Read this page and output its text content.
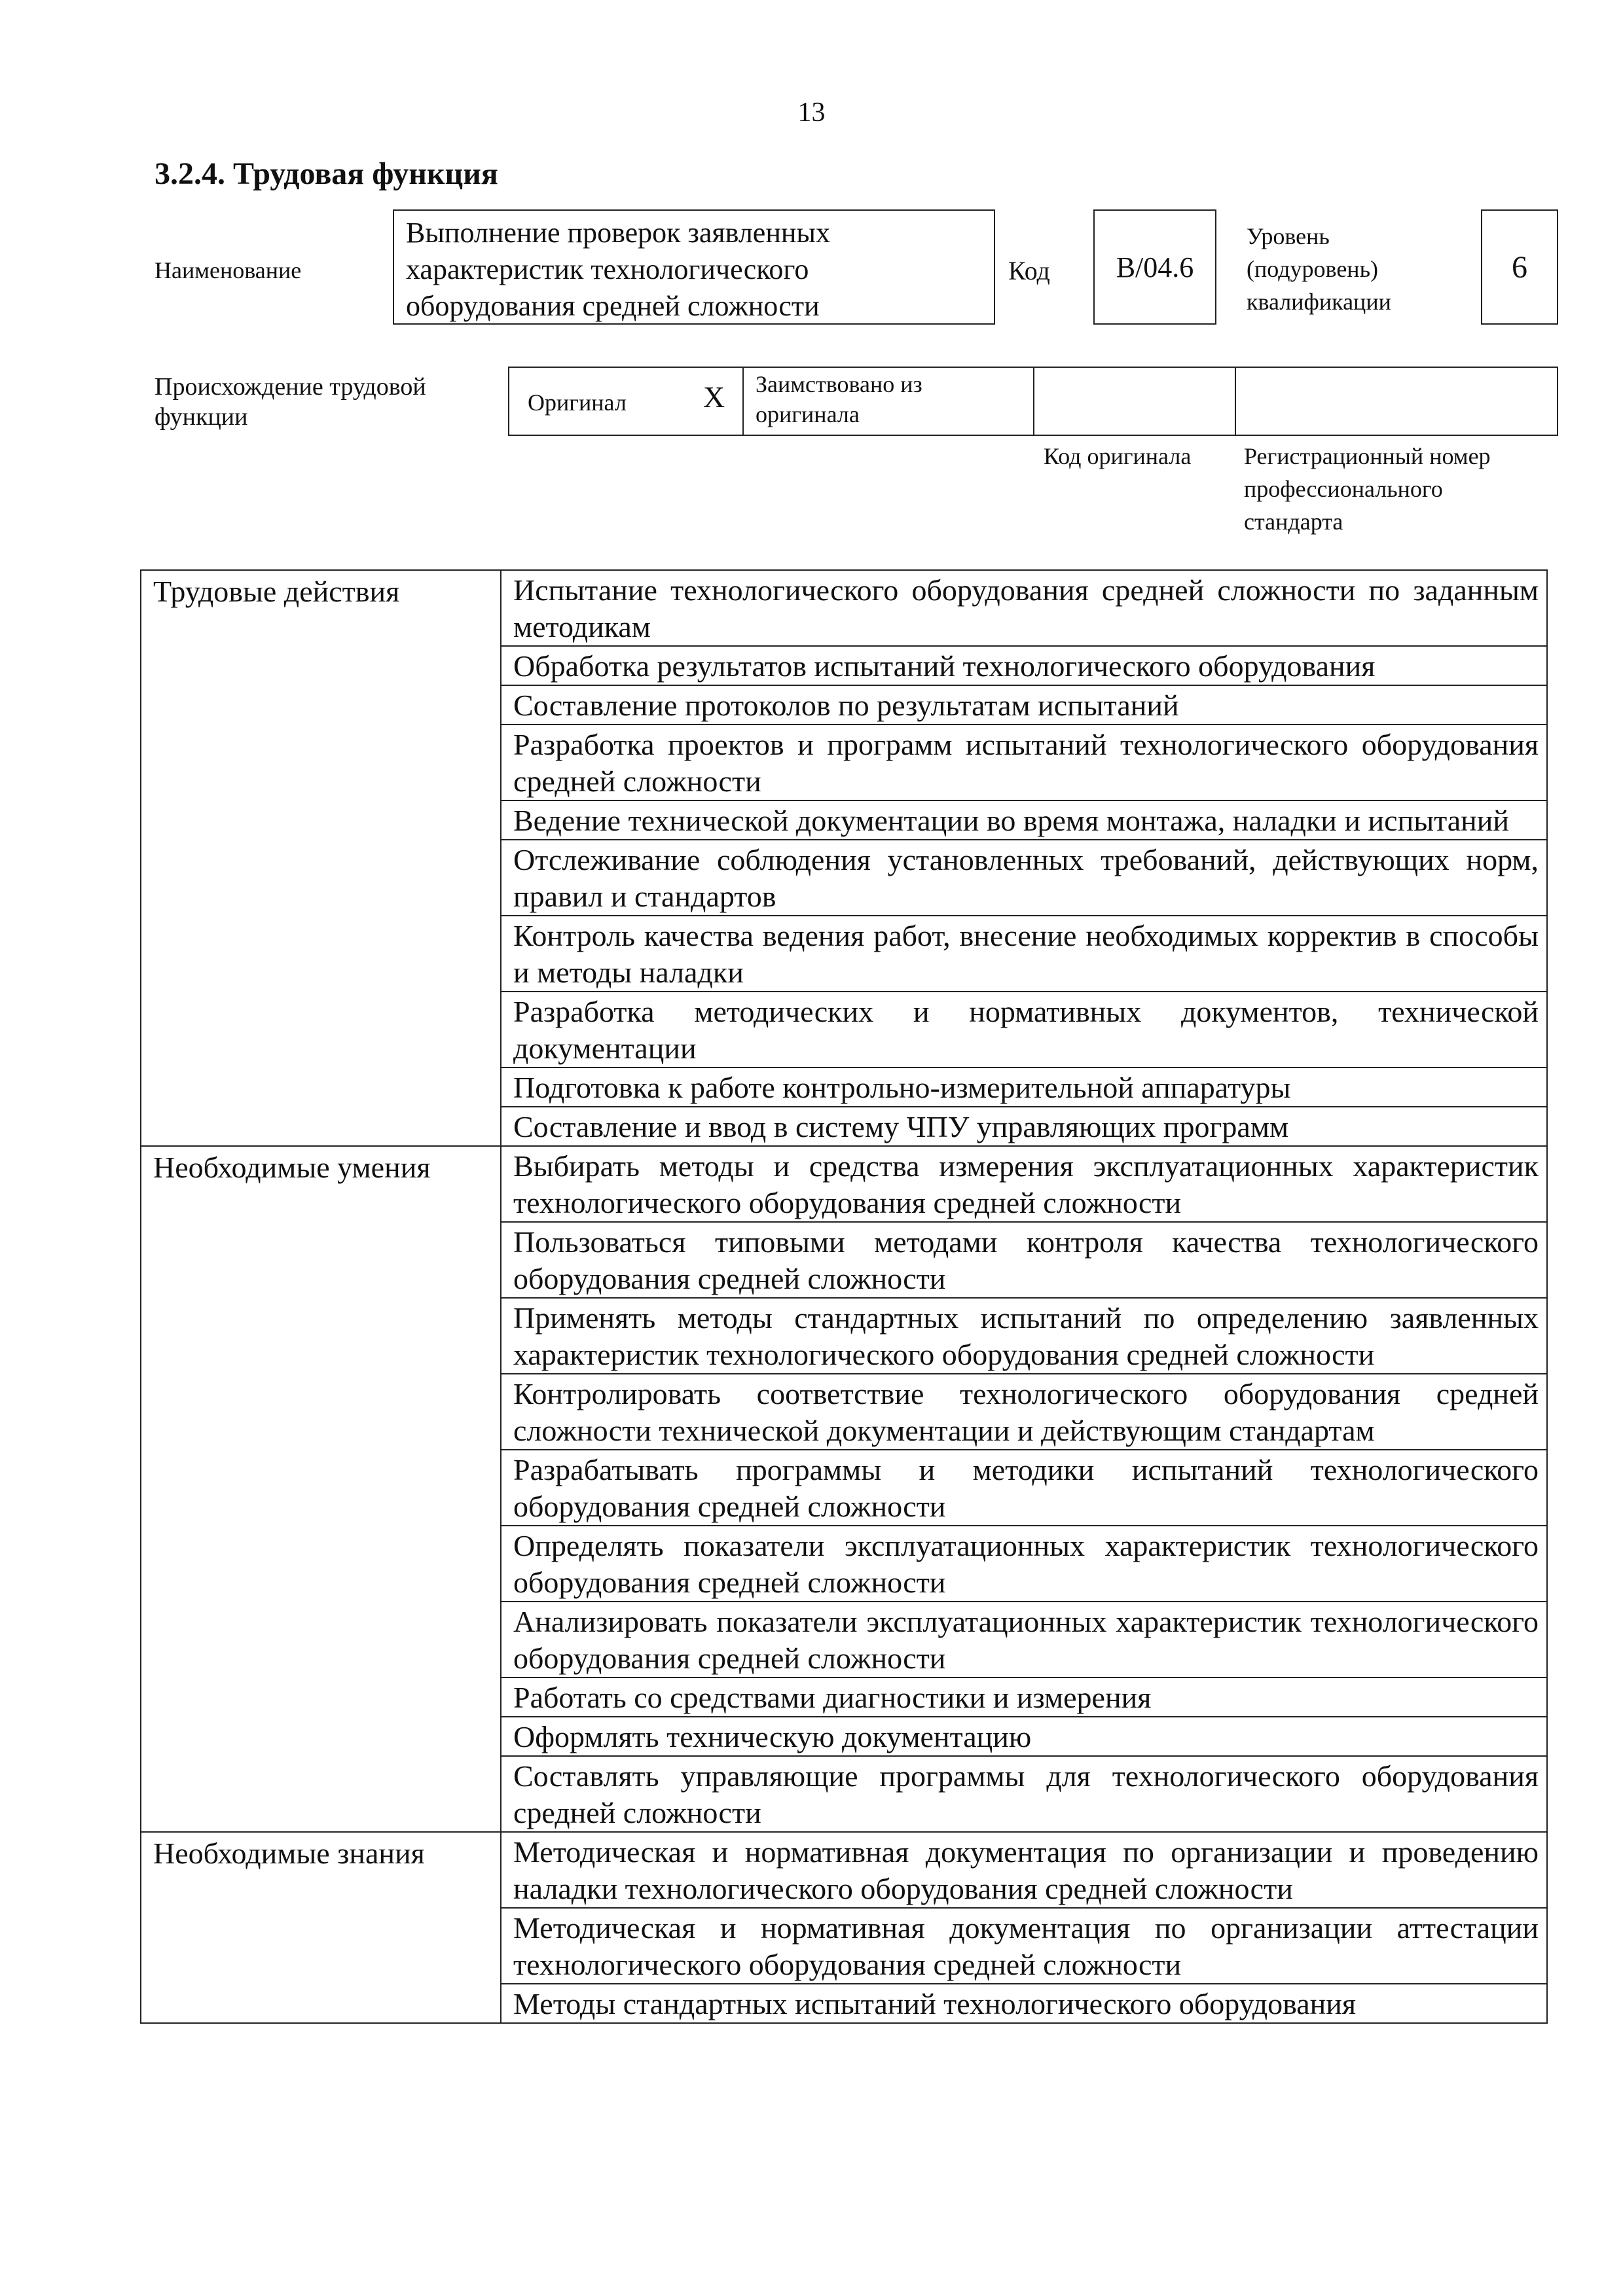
13
3.2.4. Трудовая функция
Наименование
Выполнение проверок заявленных
характеристик технологического
оборудования средней сложности
Код	В/04.6
Уровень
(подуровень)
квалификации
6
Происхождение трудовой
функции
Оригинал	Х Заимствовано из
оригинала
Код оригинала Регистрационный номер
профессионального
стандарта
Трудовые действия	Испытание технологического оборудования средней сложности по заданным методикам
	Обработка результатов испытаний технологического оборудования
	Составление протоколов по результатам испытаний
	Разработка проектов и программ испытаний технологического оборудования средней сложности
	Ведение технической документации во время монтажа, наладки и испытаний
	Отслеживание соблюдения установленных требований, действующих норм, правил и стандартов
	Контроль качества ведения работ, внесение необходимых корректив в способы и методы наладки
	Разработка методических и нормативных документов, технической документации
	Подготовка к работе контрольно-измерительной аппаратуры
	Составление и ввод в систему ЧПУ управляющих программ
Необходимые умения	Выбирать методы и средства измерения эксплуатационных характеристик технологического оборудования средней сложности
	Пользоваться типовыми методами контроля качества технологического оборудования средней сложности
	Применять методы стандартных испытаний по определению заявленных характеристик технологического оборудования средней сложности
	Контролировать соответствие технологического оборудования средней сложности технической документации и действующим стандартам
	Разрабатывать программы и методики испытаний технологического оборудования средней сложности
	Определять показатели эксплуатационных характеристик технологического оборудования средней сложности
	Анализировать показатели эксплуатационных характеристик технологического оборудования средней сложности
	Работать со средствами диагностики и измерения
	Оформлять техническую документацию
	Составлять управляющие программы для технологического оборудования средней сложности
Необходимые знания	Методическая и нормативная документация по организации и проведению наладки технологического оборудования средней сложности
	Методическая и нормативная документация по организации аттестации технологического оборудования средней сложности
	Методы стандартных испытаний технологического оборудования
